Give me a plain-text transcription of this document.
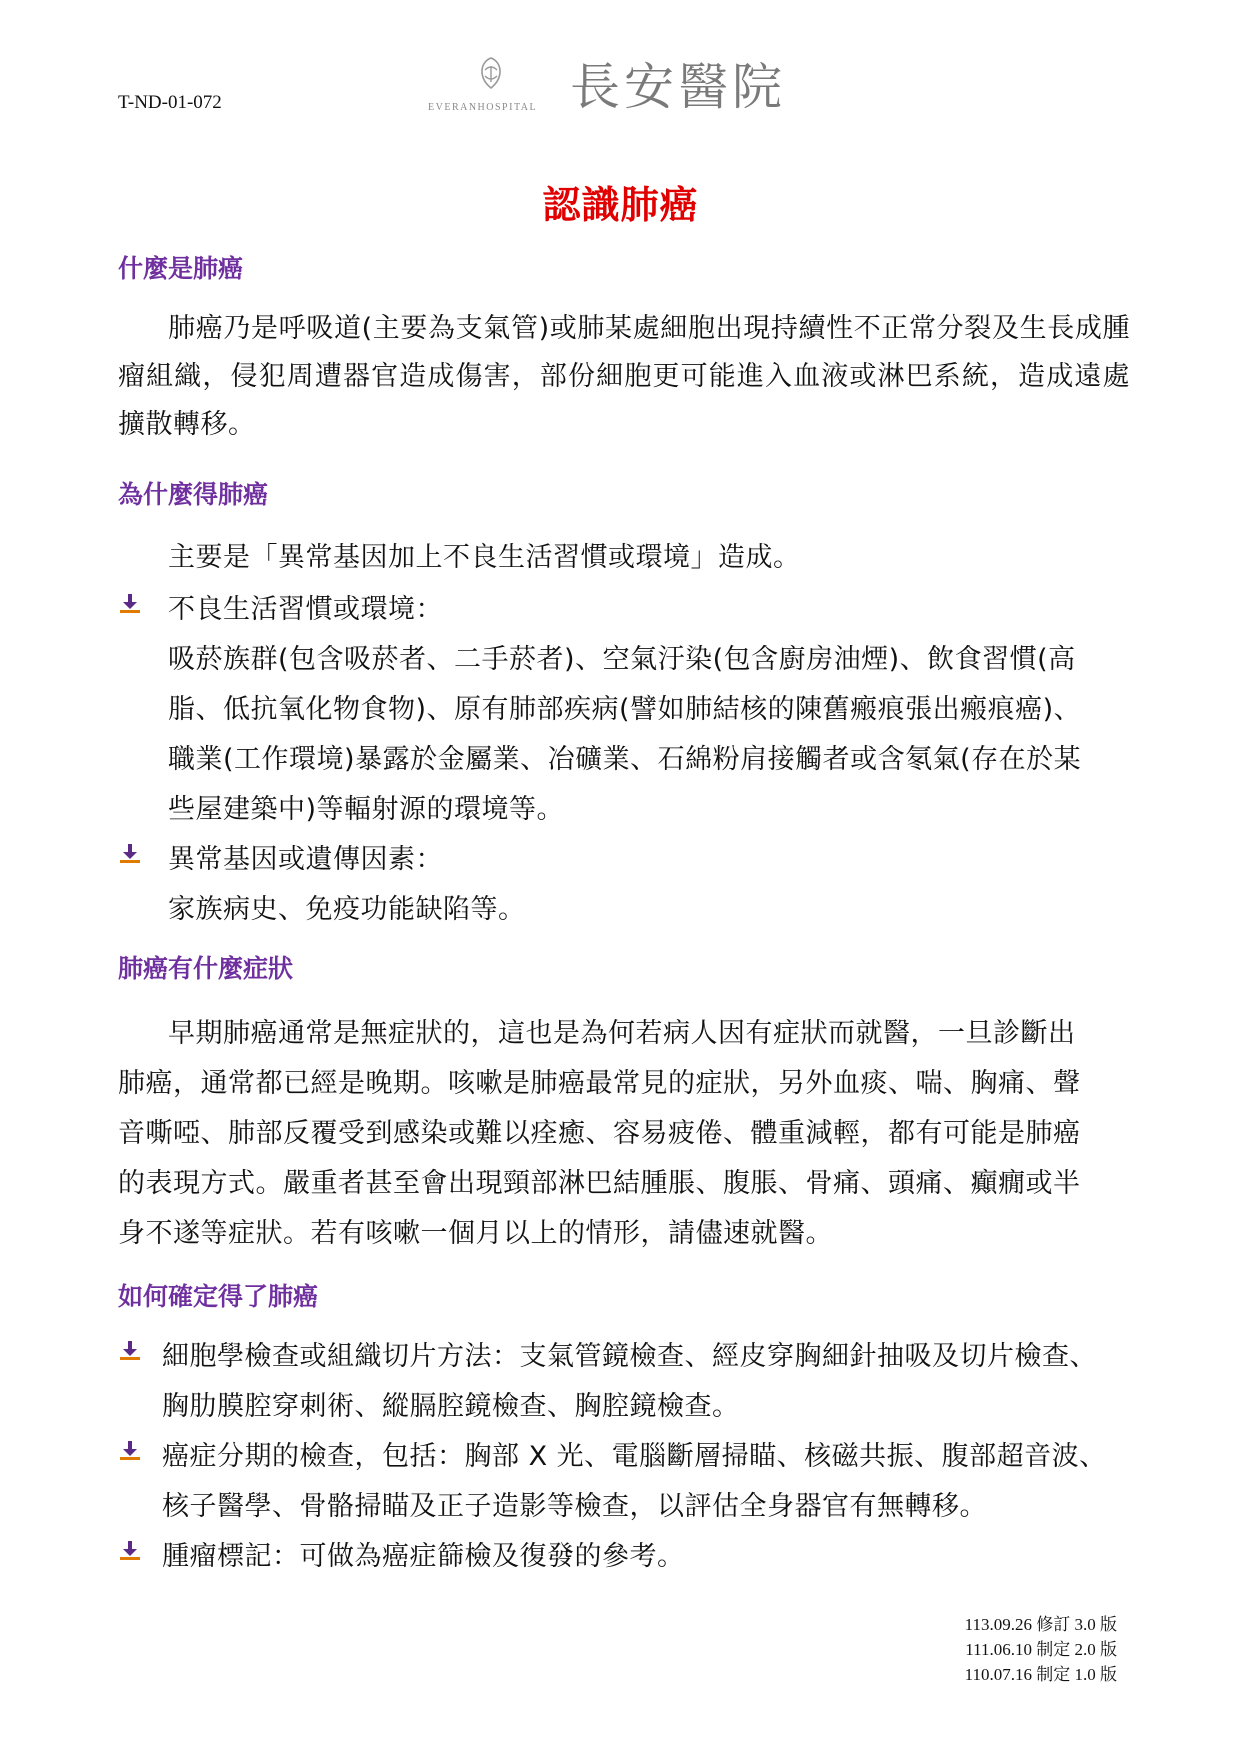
T-ND-01-072	EVERANHOSPITAL 長安醫院
認識肺癌
什麼是肺癌
肺癌乃是呼吸道(主要為支氣管)或肺某處細胞出現持續性不正常分裂及生長成腫瘤組織，侵犯周遭器官造成傷害，部份細胞更可能進入血液或淋巴系統，造成遠處擴散轉移。
為什麼得肺癌
主要是「異常基因加上不良生活習慣或環境」造成。
不良生活習慣或環境：
吸菸族群(包含吸菸者、二手菸者)、空氣汙染(包含廚房油煙)、飲食習慣(高
脂、低抗氧化物食物)、原有肺部疾病(譬如肺結核的陳舊瘢痕張出瘢痕癌)、
職業(工作環境)暴露於金屬業、冶礦業、石綿粉肩接觸者或含氡氣(存在於某
些屋建築中)等輻射源的環境等。
異常基因或遺傳因素：
家族病史、免疫功能缺陷等。
肺癌有什麼症狀
早期肺癌通常是無症狀的，這也是為何若病人因有症狀而就醫，一旦診斷出
肺癌，通常都已經是晚期。咳嗽是肺癌最常見的症狀，另外血痰、喘、胸痛、聲
音嘶啞、肺部反覆受到感染或難以痊癒、容易疲倦、體重減輕，都有可能是肺癌
的表現方式。嚴重者甚至會出現頸部淋巴結腫脹、腹脹、骨痛、頭痛、癲癇或半
身不遂等症狀。若有咳嗽一個月以上的情形，請儘速就醫。
如何確定得了肺癌
細胞學檢查或組織切片方法：支氣管鏡檢查、經皮穿胸細針抽吸及切片檢查、
胸肋膜腔穿刺術、縱膈腔鏡檢查、胸腔鏡檢查。
癌症分期的檢查，包括：胸部 X 光、電腦斷層掃瞄、核磁共振、腹部超音波、
核子醫學、骨骼掃瞄及正子造影等檢查，以評估全身器官有無轉移。
腫瘤標記：可做為癌症篩檢及復發的參考。
113.09.26 修訂 3.0 版
111.06.10 制定 2.0 版
110.07.16 制定 1.0 版
